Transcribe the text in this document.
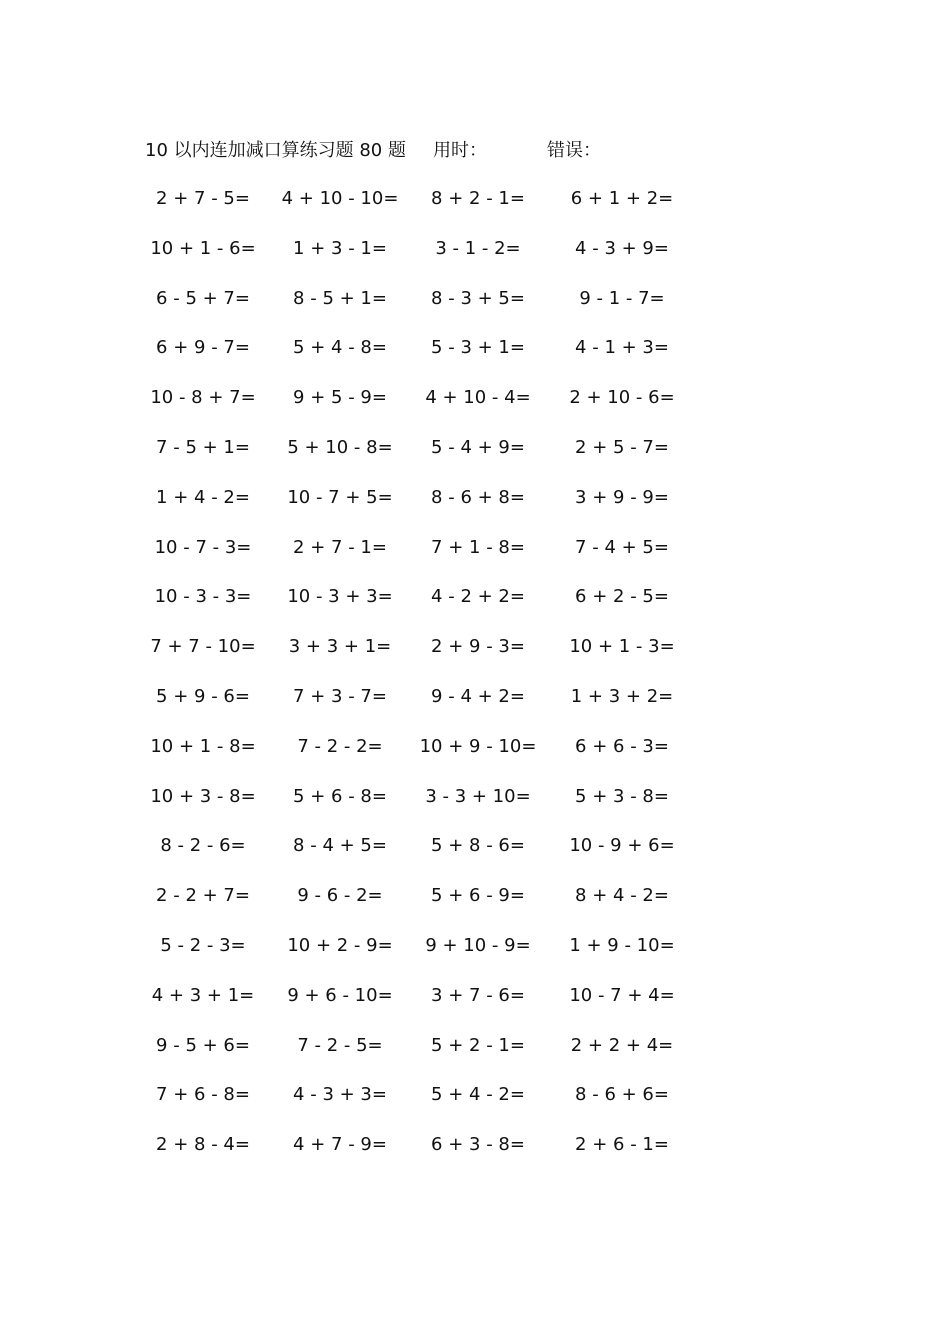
10 以内连加减口算练习题 80 题 用时：	错误：
2 + 7 - 5=	4 + 10 - 10=	8 + 2 - 1=	6 + 1 + 2=
10 + 1 - 6=	1 + 3 - 1=	3 - 1 - 2=	4 - 3 + 9=
6 - 5 + 7=	8 - 5 + 1=	8 - 3 + 5=	9 - 1 - 7=
6 + 9 - 7=	5 + 4 - 8=	5 - 3 + 1=	4 - 1 + 3=
10 - 8 + 7=	9 + 5 - 9=	4 + 10 - 4=	2 + 10 - 6=
7 - 5 + 1=	5 + 10 - 8=	5 - 4 + 9=	2 + 5 - 7=
1 + 4 - 2=	10 - 7 + 5=	8 - 6 + 8=	3 + 9 - 9=
10 - 7 - 3=	2 + 7 - 1=	7 + 1 - 8=	7 - 4 + 5=
10 - 3 - 3=	10 - 3 + 3=	4 - 2 + 2=	6 + 2 - 5=
7 + 7 - 10=	3 + 3 + 1=	2 + 9 - 3=	10 + 1 - 3=
5 + 9 - 6=	7 + 3 - 7=	9 - 4 + 2=	1 + 3 + 2=
10 + 1 - 8=	7 - 2 - 2=	10 + 9 - 10=	6 + 6 - 3=
10 + 3 - 8=	5 + 6 - 8=	3 - 3 + 10=	5 + 3 - 8=
8 - 2 - 6=	8 - 4 + 5=	5 + 8 - 6=	10 - 9 + 6=
2 - 2 + 7=	9 - 6 - 2=	5 + 6 - 9=	8 + 4 - 2=
5 - 2 - 3=	10 + 2 - 9=	9 + 10 - 9=	1 + 9 - 10=
4 + 3 + 1=	9 + 6 - 10=	3 + 7 - 6=	10 - 7 + 4=
9 - 5 + 6=	7 - 2 - 5=	5 + 2 - 1=	2 + 2 + 4=
7 + 6 - 8=	4 - 3 + 3=	5 + 4 - 2=	8 - 6 + 6=
2 + 8 - 4=	4 + 7 - 9=	6 + 3 - 8=	2 + 6 - 1=
